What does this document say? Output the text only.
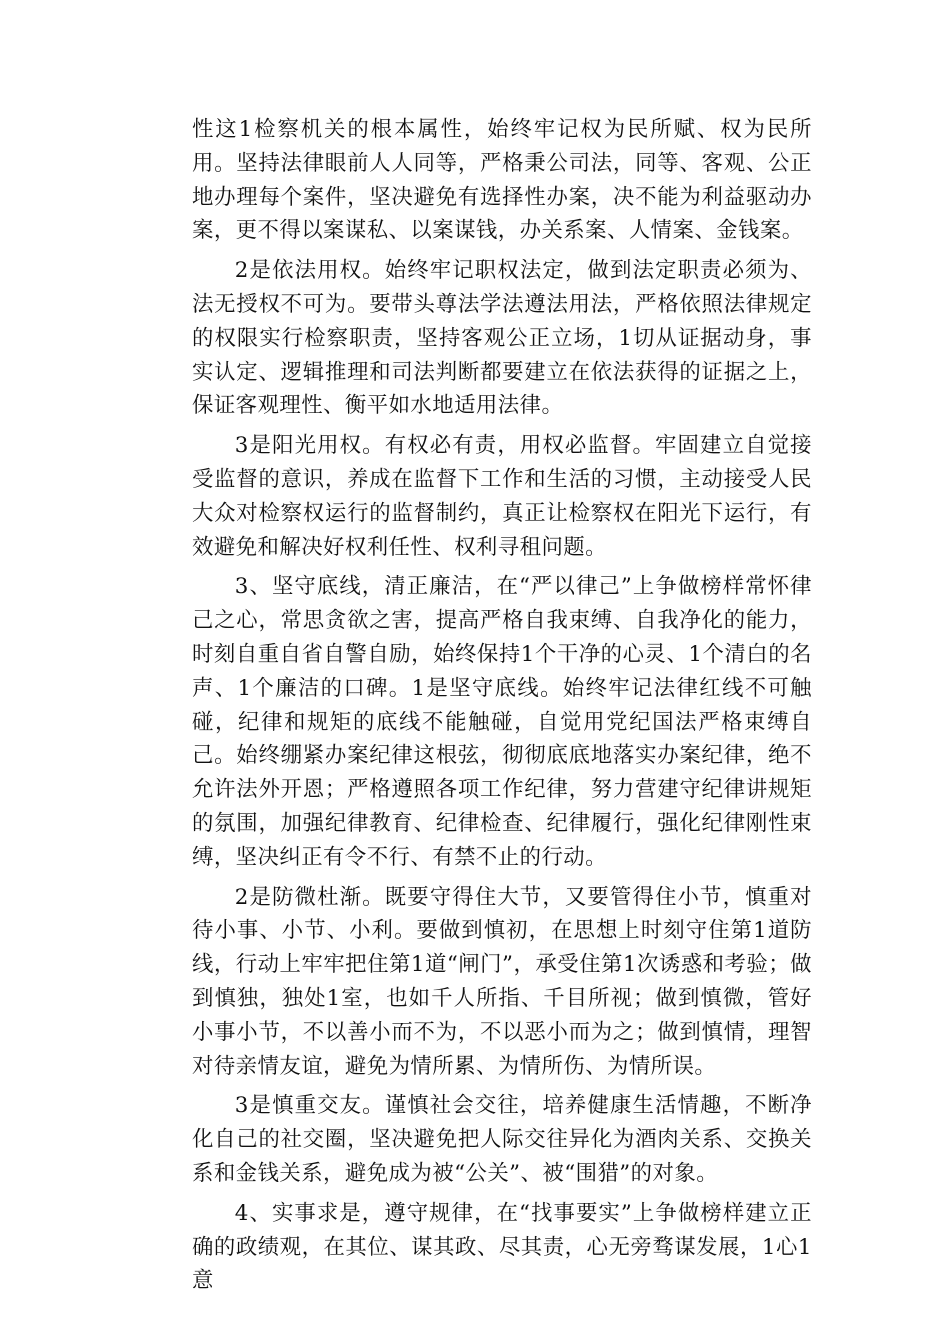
性这1检察机关的根本属性，始终牢记权为民所赋、权为民所用。坚持法律眼前人人同等，严格秉公司法，同等、客观、公正地办理每个案件，坚决避免有选择性办案，决不能为利益驱动办案，更不得以案谋私、以案谋钱，办关系案、人情案、金钱案。

2是依法用权。始终牢记职权法定，做到法定职责必须为、法无授权不可为。要带头尊法学法遵法用法，严格依照法律规定的权限实行检察职责，坚持客观公正立场，1切从证据动身，事实认定、逻辑推理和司法判断都要建立在依法获得的证据之上，保证客观理性、衡平如水地适用法律。

3是阳光用权。有权必有责，用权必监督。牢固建立自觉接受监督的意识，养成在监督下工作和生活的习惯，主动接受人民大众对检察权运行的监督制约，真正让检察权在阳光下运行，有效避免和解决好权利任性、权利寻租问题。

3、坚守底线，清正廉洁，在“严以律己”上争做榜样常怀律己之心，常思贪欲之害，提高严格自我束缚、自我净化的能力，时刻自重自省自警自励，始终保持1个干净的心灵、1个清白的名声、1个廉洁的口碑。1是坚守底线。始终牢记法律红线不可触碰，纪律和规矩的底线不能触碰，自觉用党纪国法严格束缚自己。始终绷紧办案纪律这根弦，彻彻底底地落实办案纪律，绝不允许法外开恩；严格遵照各项工作纪律，努力营建守纪律讲规矩的氛围，加强纪律教育、纪律检查、纪律履行，强化纪律刚性束缚，坚决纠正有令不行、有禁不止的行动。

2是防微杜渐。既要守得住大节，又要管得住小节，慎重对待小事、小节、小利。要做到慎初，在思想上时刻守住第1道防线，行动上牢牢把住第1道“闸门”，承受住第1次诱惑和考验；做到慎独，独处1室，也如千人所指、千目所视；做到慎微，管好小事小节，不以善小而不为，不以恶小而为之；做到慎情，理智对待亲情友谊，避免为情所累、为情所伤、为情所误。

3是慎重交友。谨慎社会交往，培养健康生活情趣，不断净化自己的社交圈，坚决避免把人际交往异化为酒肉关系、交换关系和金钱关系，避免成为被“公关”、被“围猎”的对象。

4、实事求是，遵守规律，在“找事要实”上争做榜样建立正确的政绩观，在其位、谋其政、尽其责，心无旁骛谋发展，1心1意
